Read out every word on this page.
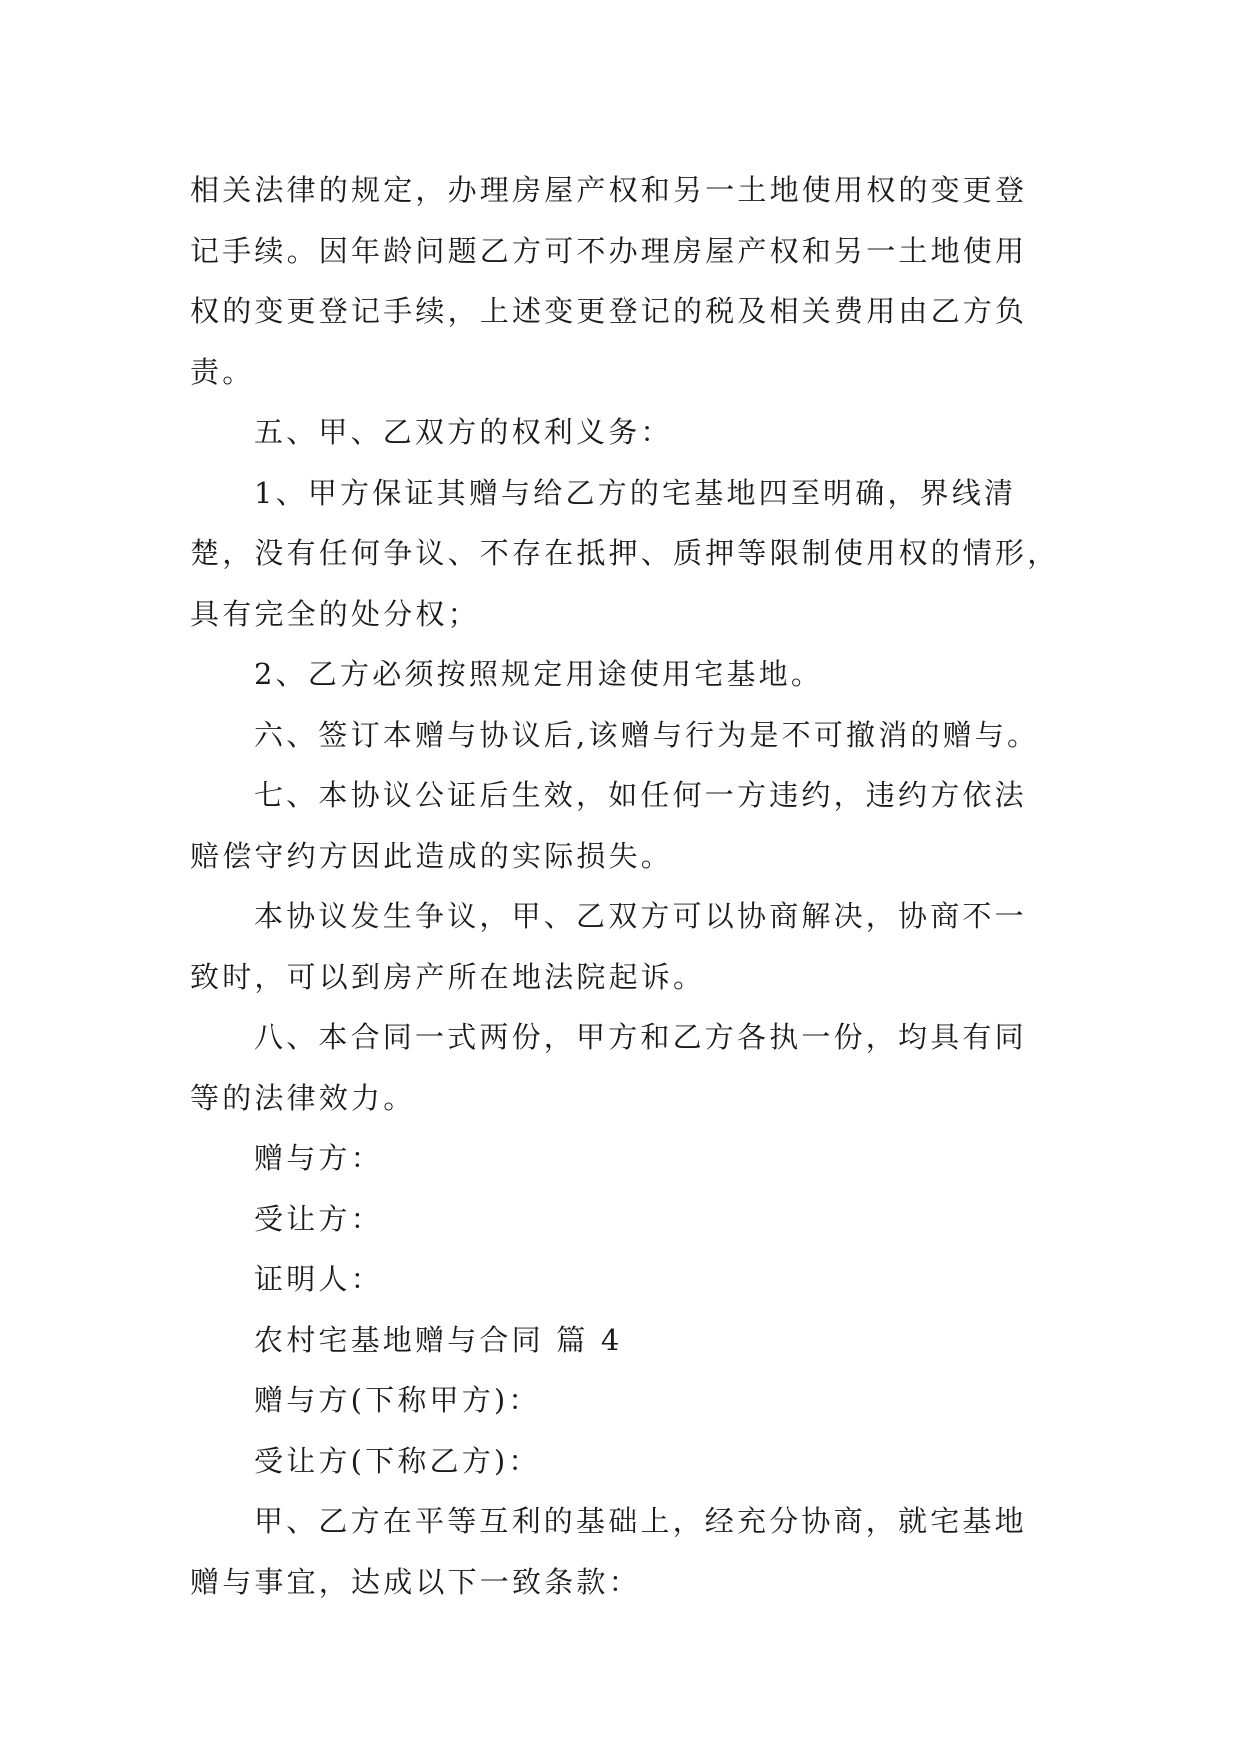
相关法律的规定，办理房屋产权和另一土地使用权的变更登

记手续。因年龄问题乙方可不办理房屋产权和另一土地使用

权的变更登记手续，上述变更登记的税及相关费用由乙方负

责。

五、甲、乙双方的权利义务：

1、甲方保证其赠与给乙方的宅基地四至明确，界线清

楚，没有任何争议、不存在抵押、质押等限制使用权的情形，

具有完全的处分权；

2、乙方必须按照规定用途使用宅基地。

六、签订本赠与协议后,该赠与行为是不可撤消的赠与。

七、本协议公证后生效，如任何一方违约，违约方依法

赔偿守约方因此造成的实际损失。

本协议发生争议，甲、乙双方可以协商解决，协商不一

致时，可以到房产所在地法院起诉。

八、本合同一式两份，甲方和乙方各执一份，均具有同

等的法律效力。

赠与方：

受让方：

证明人：

农村宅基地赠与合同 篇 4

赠与方(下称甲方)：

受让方(下称乙方)：

甲、乙方在平等互利的基础上，经充分协商，就宅基地

赠与事宜，达成以下一致条款：
